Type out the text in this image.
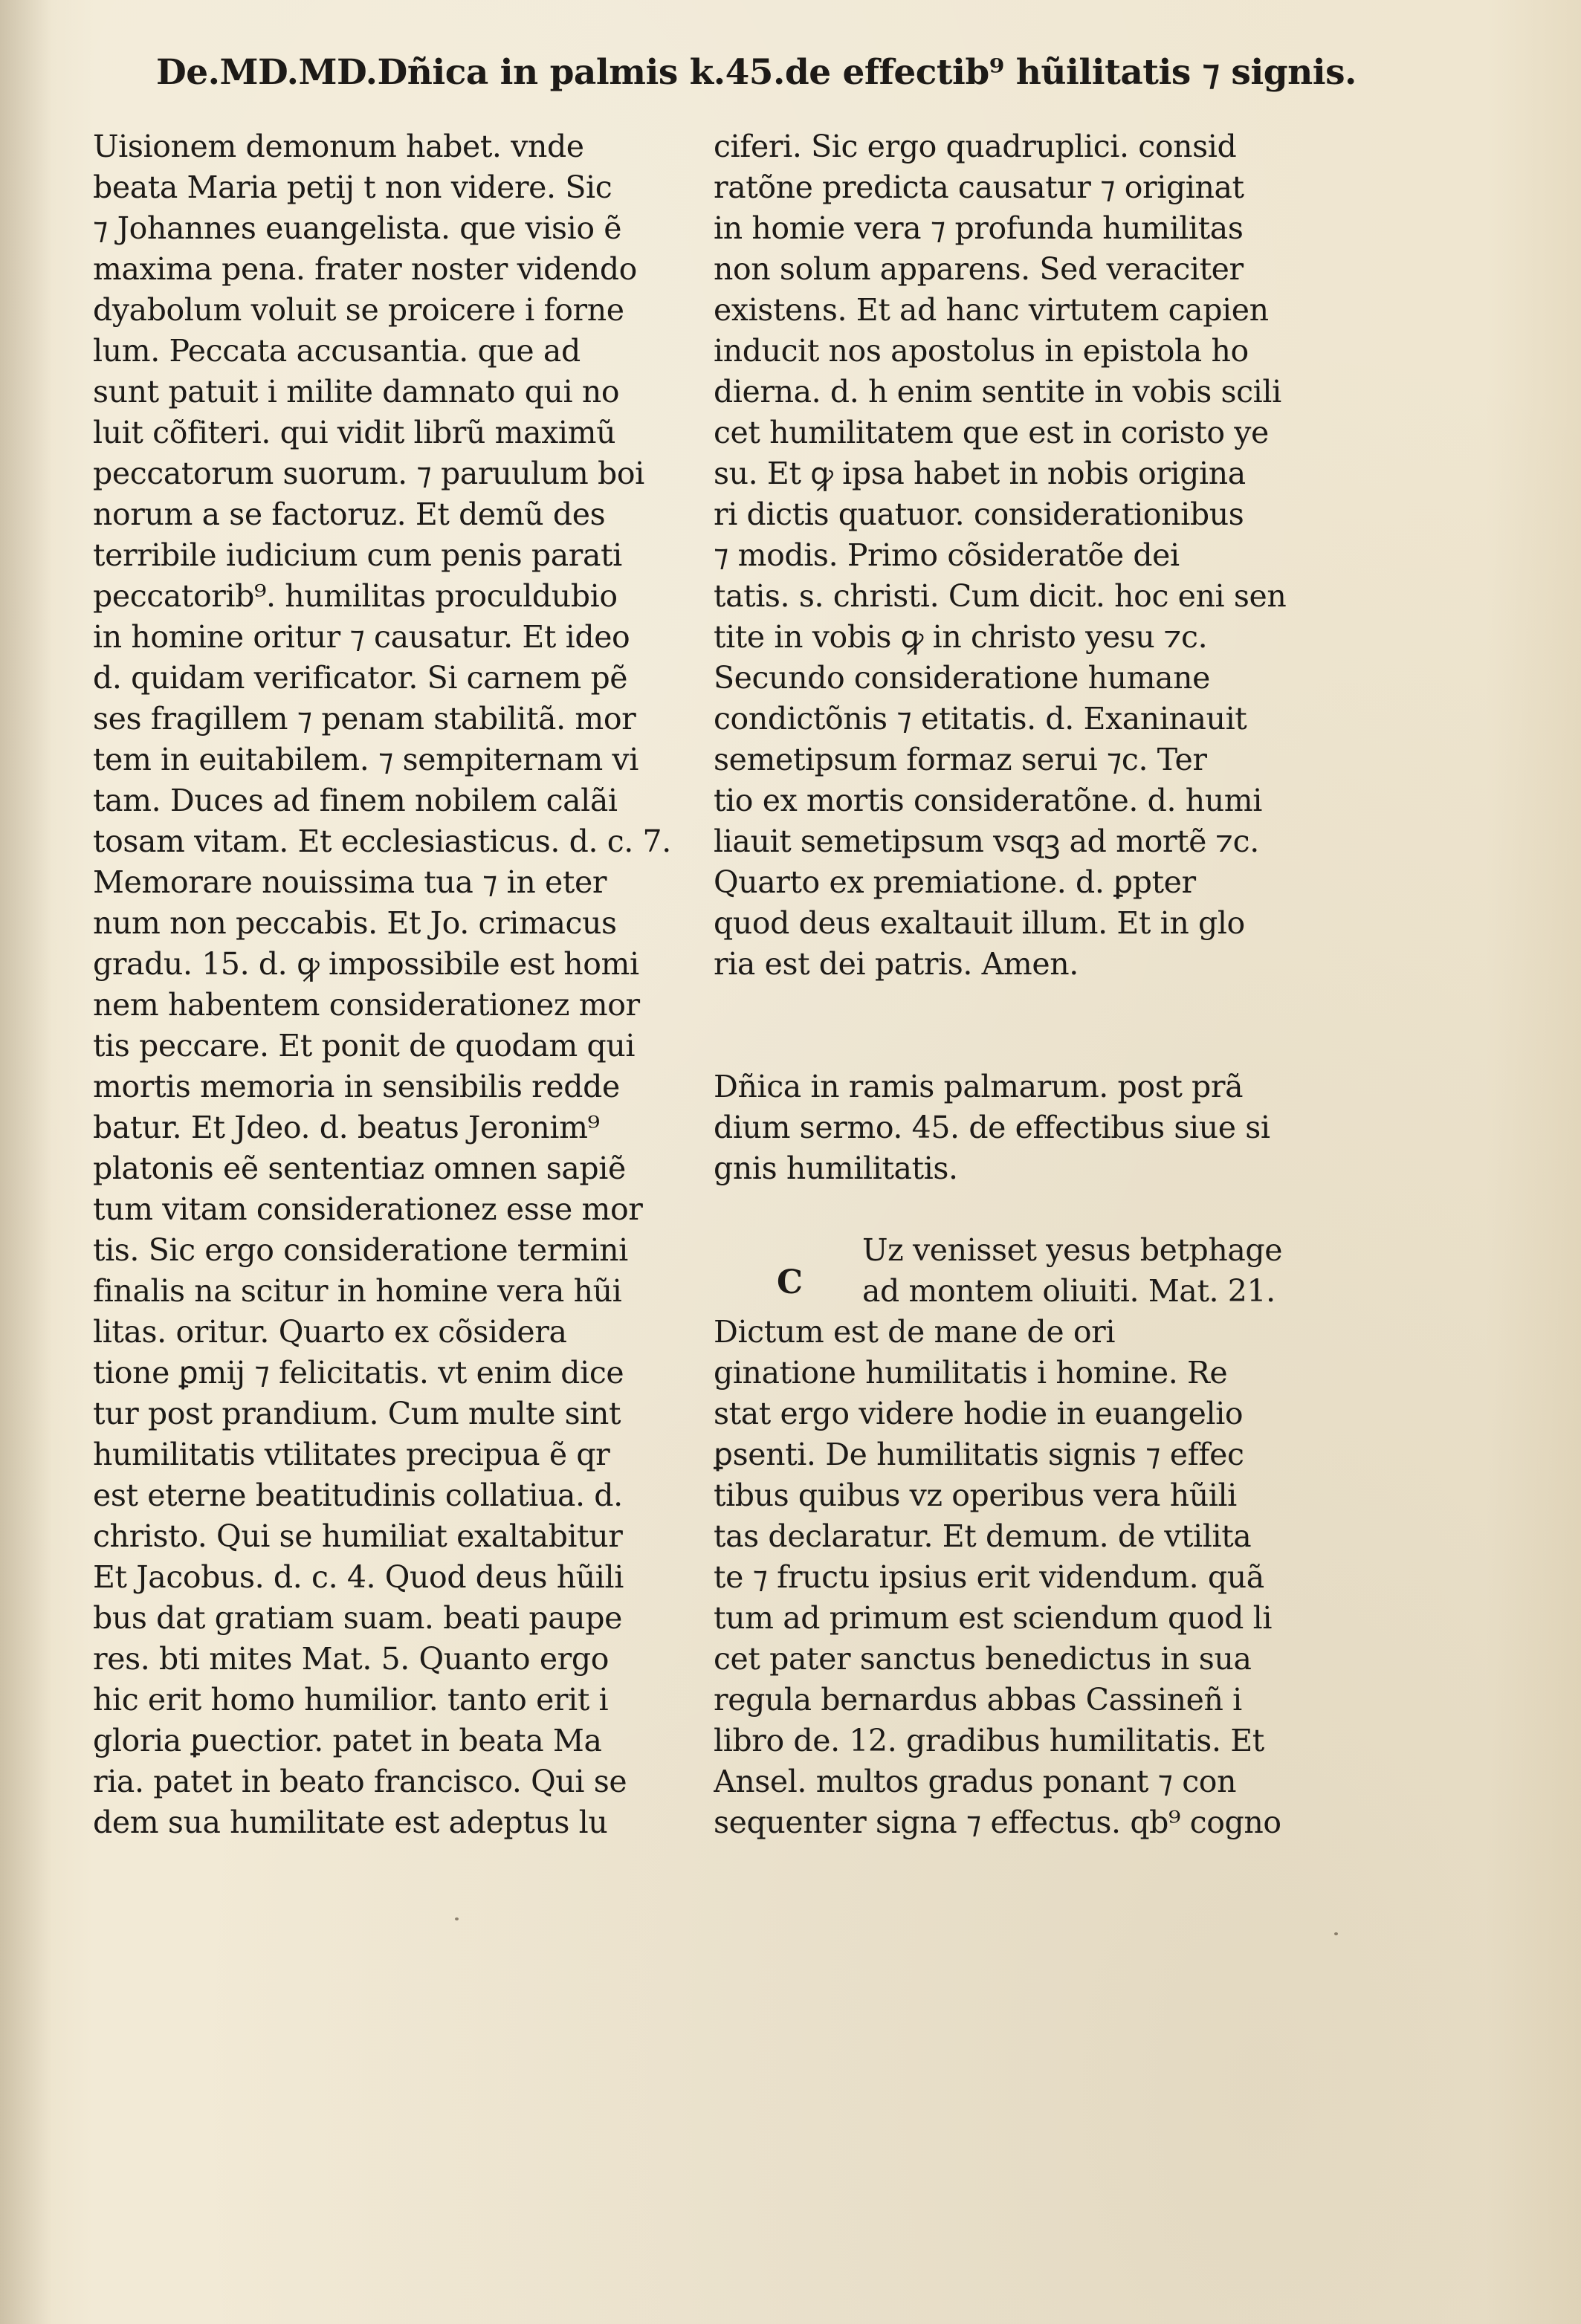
De.MD.MD.Dñica in palmis k.45.de effectib⁹ hũilitatis ⁊ signis.
Uisionem demonum habet. vnde
beata Maria petij t non videre. Sic
⁊ Johannes euangelista. que visio ẽ
maxima pena. frater noster videndo
dyabolum voluit se proicere i forne
lum. Peccata accusantia. que ad
sunt patuit i milite damnato qui no
luit cõfiteri. qui vidit librũ maximũ
peccatorum suorum. ⁊ paruulum boi
norum a se factoruz. Et demũ des
terribile iudicium cum penis parati
peccatorib⁹. humilitas proculdubio
in homine oritur ⁊ causatur. Et ideo
d. quidam verificator. Si carnem pẽ
ses fragillem ⁊ penam stabilitã. mor
tem in euitabilem. ⁊ sempiternam vi
tam. Duces ad finem nobilem calãi
tosam vitam. Et ecclesiasticus. d. c. 7.
Memorare nouissima tua ⁊ in eter
num non peccabis. Et Jo. crimacus
gradu. 15. d. ꝙ impossibile est homi
nem habentem considerationez mor
tis peccare. Et ponit de quodam qui
mortis memoria in sensibilis redde
batur. Et Jdeo. d. beatus Jeronim⁹
platonis eẽ sententiaz omnen sapiẽ
tum vitam considerationez esse mor
tis. Sic ergo consideratione termini
finalis na scitur in homine vera hũi
litas. oritur. Quarto ex cõsidera
tione ꝑmij ⁊ felicitatis. vt enim dice
tur post prandium. Cum multe sint
humilitatis vtilitates precipua ẽ qr
est eterne beatitudinis collatiua. d.
christo. Qui se humiliat exaltabitur
Et Jacobus. d. c. 4. Quod deus hũili
bus dat gratiam suam. beati paupe
res. bti mites Mat. 5. Quanto ergo
hic erit homo humilior. tanto erit i
gloria ꝑuectior. patet in beata Ma
ria. patet in beato francisco. Qui se
dem sua humilitate est adeptus lu
ciferi. Sic ergo quadruplici. consid
ratõne predicta causatur ⁊ originat
in homie vera ⁊ profunda humilitas
non solum apparens. Sed veraciter
existens. Et ad hanc virtutem capien
inducit nos apostolus in epistola ho
dierna. d. h enim sentite in vobis scili
cet humilitatem que est in coristo ye
su. Et ꝙ ipsa habet in nobis origina
ri dictis quatuor. considerationibus
⁊ modis. Primo cõsideratõe dei
tatis. s. christi. Cum dicit. hoc eni sen
tite in vobis ꝙ in christo yesu ⁊c.
Secundo consideratione humane
condictõnis ⁊ etitatis. d. Exaninauit
semetipsum formaz serui ⁊c. Ter
tio ex mortis consideratõne. d. humi
liauit semetipsum vsqꝫ ad mortẽ ⁊c.
Quarto ex premiatione. d. ꝑpter
quod deus exaltauit illum. Et in glo
ria est dei patris. Amen.
Dñica in ramis palmarum. post prã
dium sermo. 45. de effectibus siue si
gnis humilitatis.
Uz venisset yesus betphage
ad montem oliuiti. Mat. 21.
Dictum est de mane de ori
ginatione humilitatis i homine. Re
stat ergo videre hodie in euangelio
ꝑsenti. De humilitatis signis ⁊ effec
tibus quibus vz operibus vera hũili
tas declaratur. Et demum. de vtilita
te ⁊ fructu ipsius erit videndum. quã
tum ad primum est sciendum quod li
cet pater sanctus benedictus in sua
regula bernardus abbas Cassineñ i
libro de. 12. gradibus humilitatis. Et
Ansel. multos gradus ponant ⁊ con
sequenter signa ⁊ effectus. qb⁹ cogno
C
